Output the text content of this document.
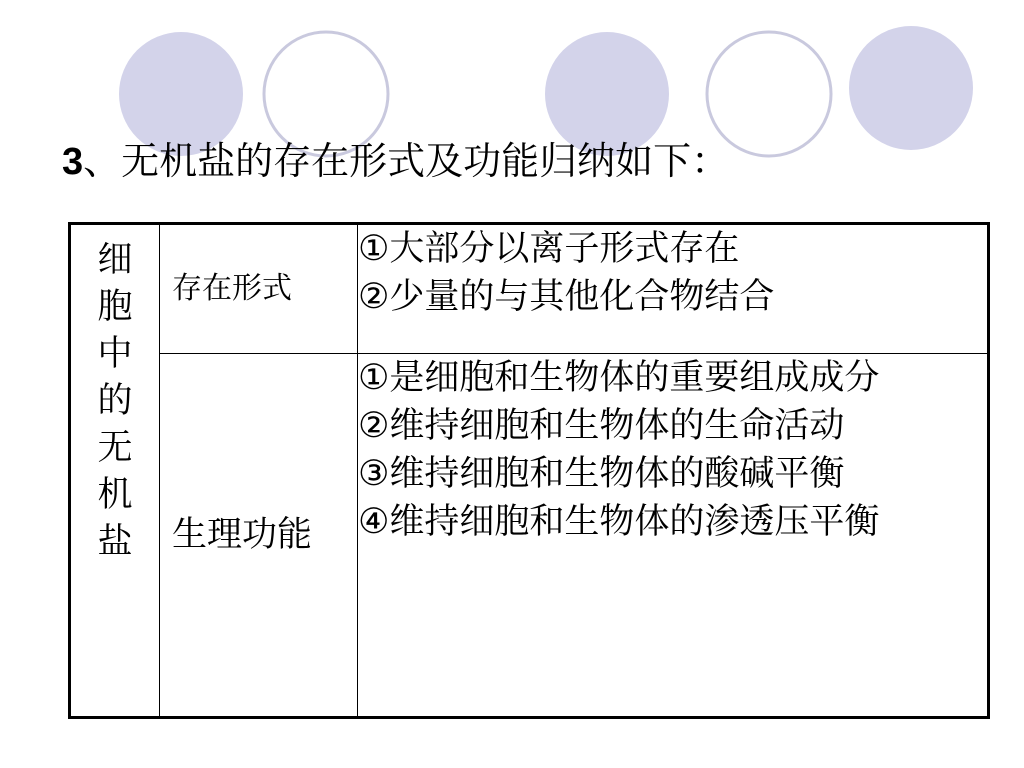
3、无机盐的存在形式及功能归纳如下：
细胞中的无机盐	存在形式	①大部分以离子形式存在
②少量的与其他化合物结合

	生理功能	①是细胞和生物体的重要组成成分
②维持细胞和生物体的生命活动
③维持细胞和生物体的酸碱平衡
④维持细胞和生物体的渗透压平衡
